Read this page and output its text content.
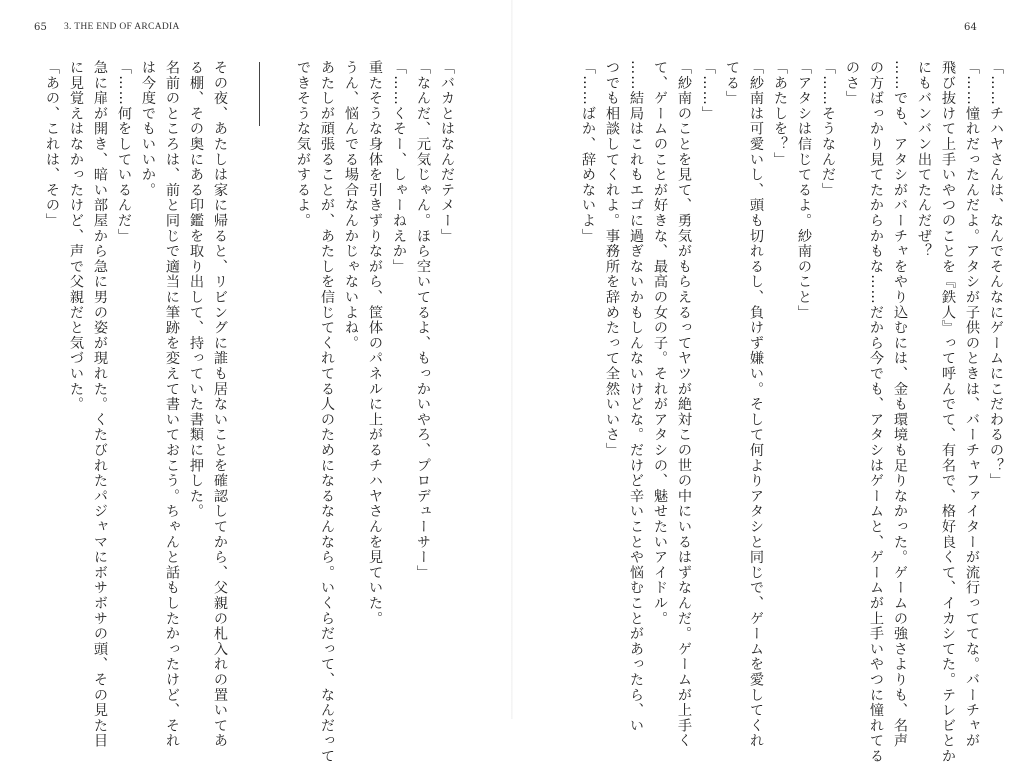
65 3. THE END OF ARCADIA
その夜、あたしは家に帰ると、リビングに誰も居ないことを確認してから、父親の札入れの置いてあ
る棚、その奥にある印鑑を取り出して、持っていた書類に押した。
名前のところは、前と同じで適当に筆跡を変えて書いておこう。ちゃんと話もしたかったけど、それ
は今度でもいいか。
「……何をしているんだ」
急に扉が開き、暗い部屋から急に男の姿が現れた。くたびれたパジャマにボサボサの頭、その見た目
に見覚えはなかったけど、声で父親だと気づいた。
「あの、これは、その」	「バカとはなんだテメー」
「なんだ、元気じゃん。ほら空いてるよ、もっかいやろ、プロデューサー」
「……くそー、しゃーねえか」
重たそうな身体を引きずりながら、筐体のパネルに上がるチハヤさんを見ていた。
うん、悩んでる場合なんかじゃないよね。
あたしが頑張ることが、あたしを信じてくれてる人のためになるなんなら。いくらだって、なんだって
できそうな気がするよ。
64
「……チハヤさんは、なんでそんなにゲームにこだわるの？」
「……憧れだったんだよ。アタシが子供のときは、バーチャファイターが流行っててな。バーチャが
飛び抜けて上手いやつのことを『鉄人』って呼んでて、有名で、格好良くて、イカシてた。テレビとか
にもバンバン出てたんだぜ？
……でも、アタシがバーチャをやり込むには、金も環境も足りなかった。ゲームの強さよりも、名声
の方ばっかり見てたからかもな……だから今でも、アタシはゲームと、ゲームが上手いやつに憧れてる
のさ」
「……そうなんだ」
「アタシは信じてるよ。紗南のこと」
「あたしを？」
「紗南は可愛いし、頭も切れるし、負けず嫌い。そして何よりアタシと同じで、ゲームを愛してくれ
てる」
「……」
「紗南のことを見て、勇気がもらえるってヤツが絶対この世の中にいるはずなんだ。ゲームが上手く
て、ゲームのことが好きな、最高の女の子。それがアタシの、魅せたいアイドル。
……結局はこれもエゴに過ぎないかもしんないけどな。だけど辛いことや悩むことがあったら、い
つでも相談してくれよ。事務所を辞めたって全然いいさ」
「……ばか、辞めないよ」
